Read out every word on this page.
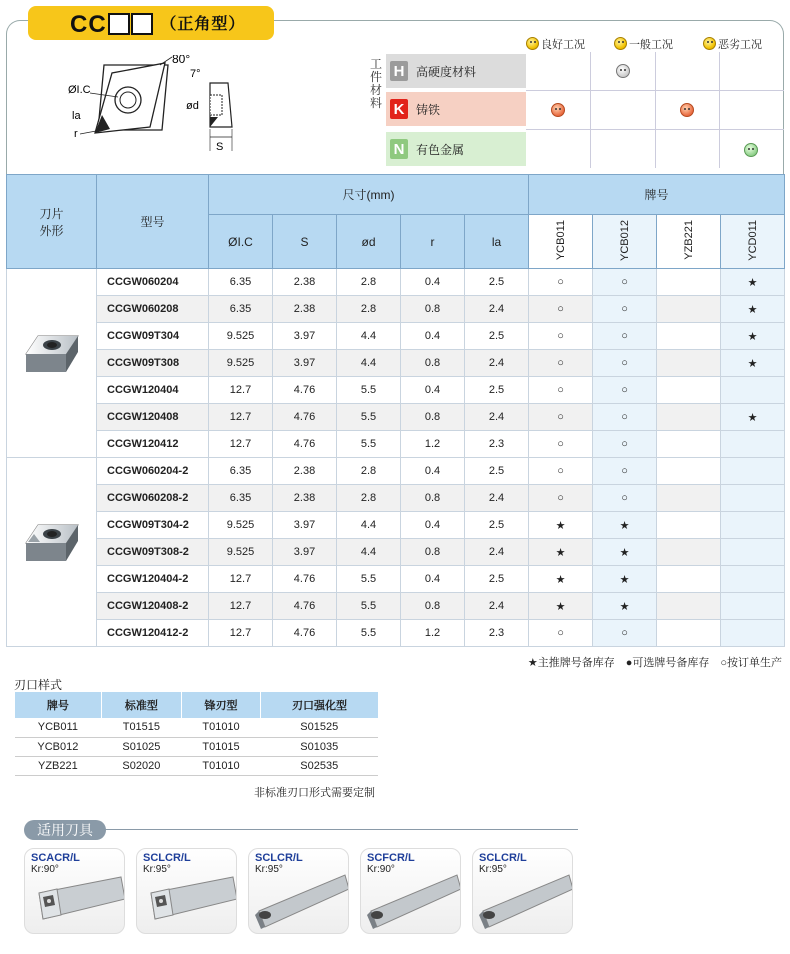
CC	（正角型）
80°
ØI.C
la
r
7°
ød
S
良好工况	一般工况	恶劣工况
工件材料
H 高硬度材料
K 铸铁
N 有色金属
刀片
外形	型号	尺寸(mm)					牌号			
		ØI.C	S	ød	r	la	YCB011	YCB012	YZB221	YCD011
	CCGW060204	6.35	2.38	2.8	0.4	2.5	○	○		★
	CCGW060208	6.35	2.38	2.8	0.8	2.4	○	○		★
	CCGW09T304	9.525	3.97	4.4	0.4	2.5	○	○		★
	CCGW09T308	9.525	3.97	4.4	0.8	2.4	○	○		★
	CCGW120404	12.7	4.76	5.5	0.4	2.5	○	○		
	CCGW120408	12.7	4.76	5.5	0.8	2.4	○	○		★
	CCGW120412	12.7	4.76	5.5	1.2	2.3	○	○		
	CCGW060204-2	6.35	2.38	2.8	0.4	2.5	○	○		
	CCGW060208-2	6.35	2.38	2.8	0.8	2.4	○	○		
	CCGW09T304-2	9.525	3.97	4.4	0.4	2.5	★	★		
	CCGW09T308-2	9.525	3.97	4.4	0.8	2.4	★	★		
	CCGW120404-2	12.7	4.76	5.5	0.4	2.5	★	★		
	CCGW120408-2	12.7	4.76	5.5	0.8	2.4	★	★		
	CCGW120412-2	12.7	4.76	5.5	1.2	2.3	○	○		
★主推牌号备库存　●可选牌号备库存　○按订单生产
刃口样式
牌号	标准型	锋刃型	刃口强化型
YCB011	T01515	T01010	S01525
YCB012	S01025	T01015	S01035
YZB221	S02020	T01010	S02535
非标准刃口形式需要定制
适用刀具
SCACR/L
Kr:90°
SCLCR/L
Kr:95°
SCLCR/L
Kr:95°
SCFCR/L
Kr:90°
SCLCR/L
Kr:95°
